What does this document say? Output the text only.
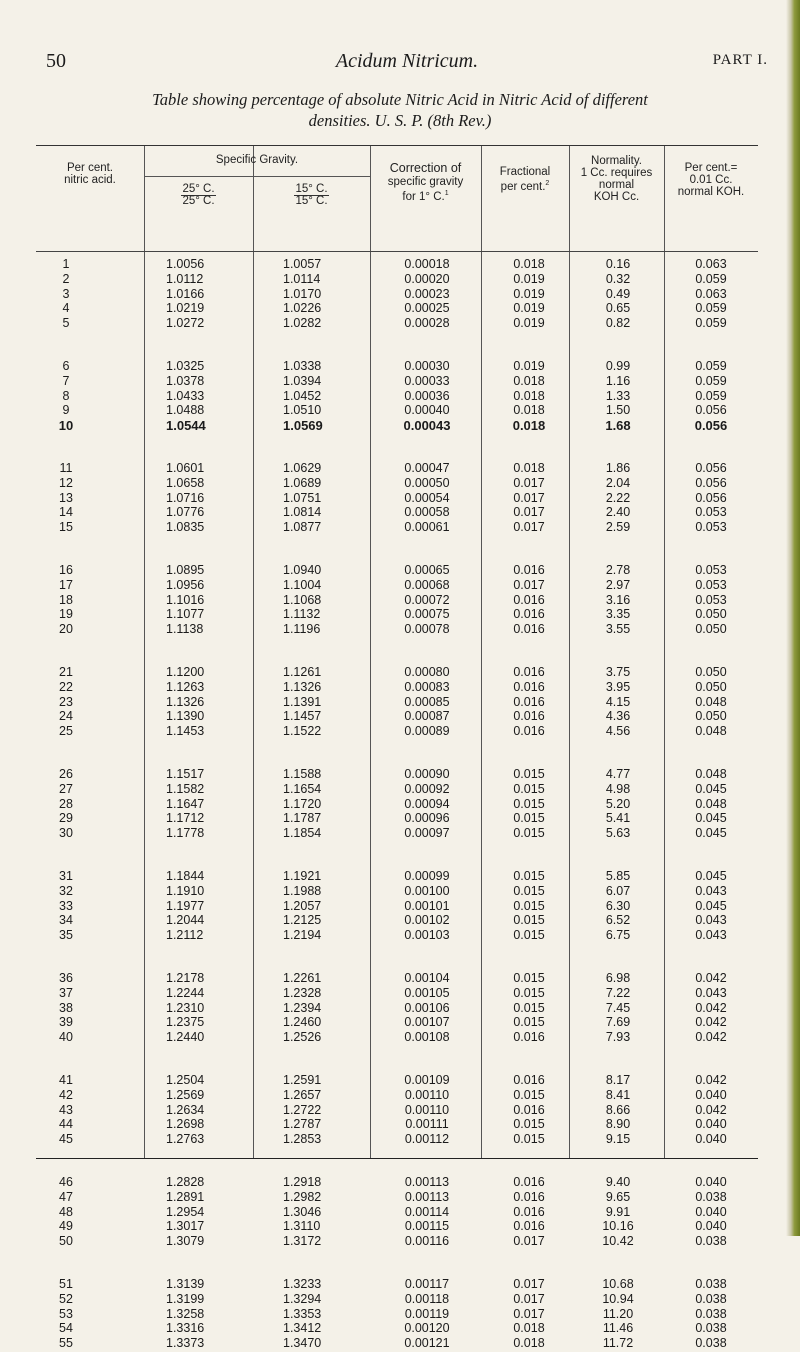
50	Acidum Nitricum.	PART I.
Table showing percentage of absolute Nitric Acid in Nitric Acid of different
densities. U. S. P. (8th Rev.)
Per cent.
nitric acid.
Specific Gravity.
$\frac{25^\circ C.}{25^\circ C.}$	$\frac{15^\circ C.}{15^\circ C.}$
Correction of
specific gravity
for 1° C.$^1$
Fractional
per cent.$^2$
Normality.
1 Cc. requires
normal
KOH Cc.
Per cent.=
0.01 Cc.
normal KOH.
1	1.0056	1.0057	0.00018	0.018	0.16	0.063
2	1.0112	1.0114	0.00020	0.019	0.32	0.059
3	1.0166	1.0170	0.00023	0.019	0.49	0.063
4	1.0219	1.0226	0.00025	0.019	0.65	0.059
5	1.0272	1.0282	0.00028	0.019	0.82	0.059
6	1.0325	1.0338	0.00030	0.019	0.99	0.059
7	1.0378	1.0394	0.00033	0.018	1.16	0.059
8	1.0433	1.0452	0.00036	0.018	1.33	0.059
9	1.0488	1.0510	0.00040	0.018	1.50	0.056
10	1.0544	1.0569	0.00043	0.018	1.68	0.056
11	1.0601	1.0629	0.00047	0.018	1.86	0.056
12	1.0658	1.0689	0.00050	0.017	2.04	0.056
13	1.0716	1.0751	0.00054	0.017	2.22	0.056
14	1.0776	1.0814	0.00058	0.017	2.40	0.053
15	1.0835	1.0877	0.00061	0.017	2.59	0.053
16	1.0895	1.0940	0.00065	0.016	2.78	0.053
17	1.0956	1.1004	0.00068	0.017	2.97	0.053
18	1.1016	1.1068	0.00072	0.016	3.16	0.053
19	1.1077	1.1132	0.00075	0.016	3.35	0.050
20	1.1138	1.1196	0.00078	0.016	3.55	0.050
21	1.1200	1.1261	0.00080	0.016	3.75	0.050
22	1.1263	1.1326	0.00083	0.016	3.95	0.050
23	1.1326	1.1391	0.00085	0.016	4.15	0.048
24	1.1390	1.1457	0.00087	0.016	4.36	0.050
25	1.1453	1.1522	0.00089	0.016	4.56	0.048
26	1.1517	1.1588	0.00090	0.015	4.77	0.048
27	1.1582	1.1654	0.00092	0.015	4.98	0.045
28	1.1647	1.1720	0.00094	0.015	5.20	0.048
29	1.1712	1.1787	0.00096	0.015	5.41	0.045
30	1.1778	1.1854	0.00097	0.015	5.63	0.045
31	1.1844	1.1921	0.00099	0.015	5.85	0.045
32	1.1910	1.1988	0.00100	0.015	6.07	0.043
33	1.1977	1.2057	0.00101	0.015	6.30	0.045
34	1.2044	1.2125	0.00102	0.015	6.52	0.043
35	1.2112	1.2194	0.00103	0.015	6.75	0.043
36	1.2178	1.2261	0.00104	0.015	6.98	0.042
37	1.2244	1.2328	0.00105	0.015	7.22	0.043
38	1.2310	1.2394	0.00106	0.015	7.45	0.042
39	1.2375	1.2460	0.00107	0.015	7.69	0.042
40	1.2440	1.2526	0.00108	0.016	7.93	0.042
41	1.2504	1.2591	0.00109	0.016	8.17	0.042
42	1.2569	1.2657	0.00110	0.015	8.41	0.040
43	1.2634	1.2722	0.00110	0.016	8.66	0.042
44	1.2698	1.2787	0.00111	0.015	8.90	0.040
45	1.2763	1.2853	0.00112	0.015	9.15	0.040
46	1.2828	1.2918	0.00113	0.016	9.40	0.040
47	1.2891	1.2982	0.00113	0.016	9.65	0.038
48	1.2954	1.3046	0.00114	0.016	9.91	0.040
49	1.3017	1.3110	0.00115	0.016	10.16	0.040
50	1.3079	1.3172	0.00116	0.017	10.42	0.038
51	1.3139	1.3233	0.00117	0.017	10.68	0.038
52	1.3199	1.3294	0.00118	0.017	10.94	0.038
53	1.3258	1.3353	0.00119	0.017	11.20	0.038
54	1.3316	1.3412	0.00120	0.018	11.46	0.038
55	1.3373	1.3470	0.00121	0.018	11.72	0.038
